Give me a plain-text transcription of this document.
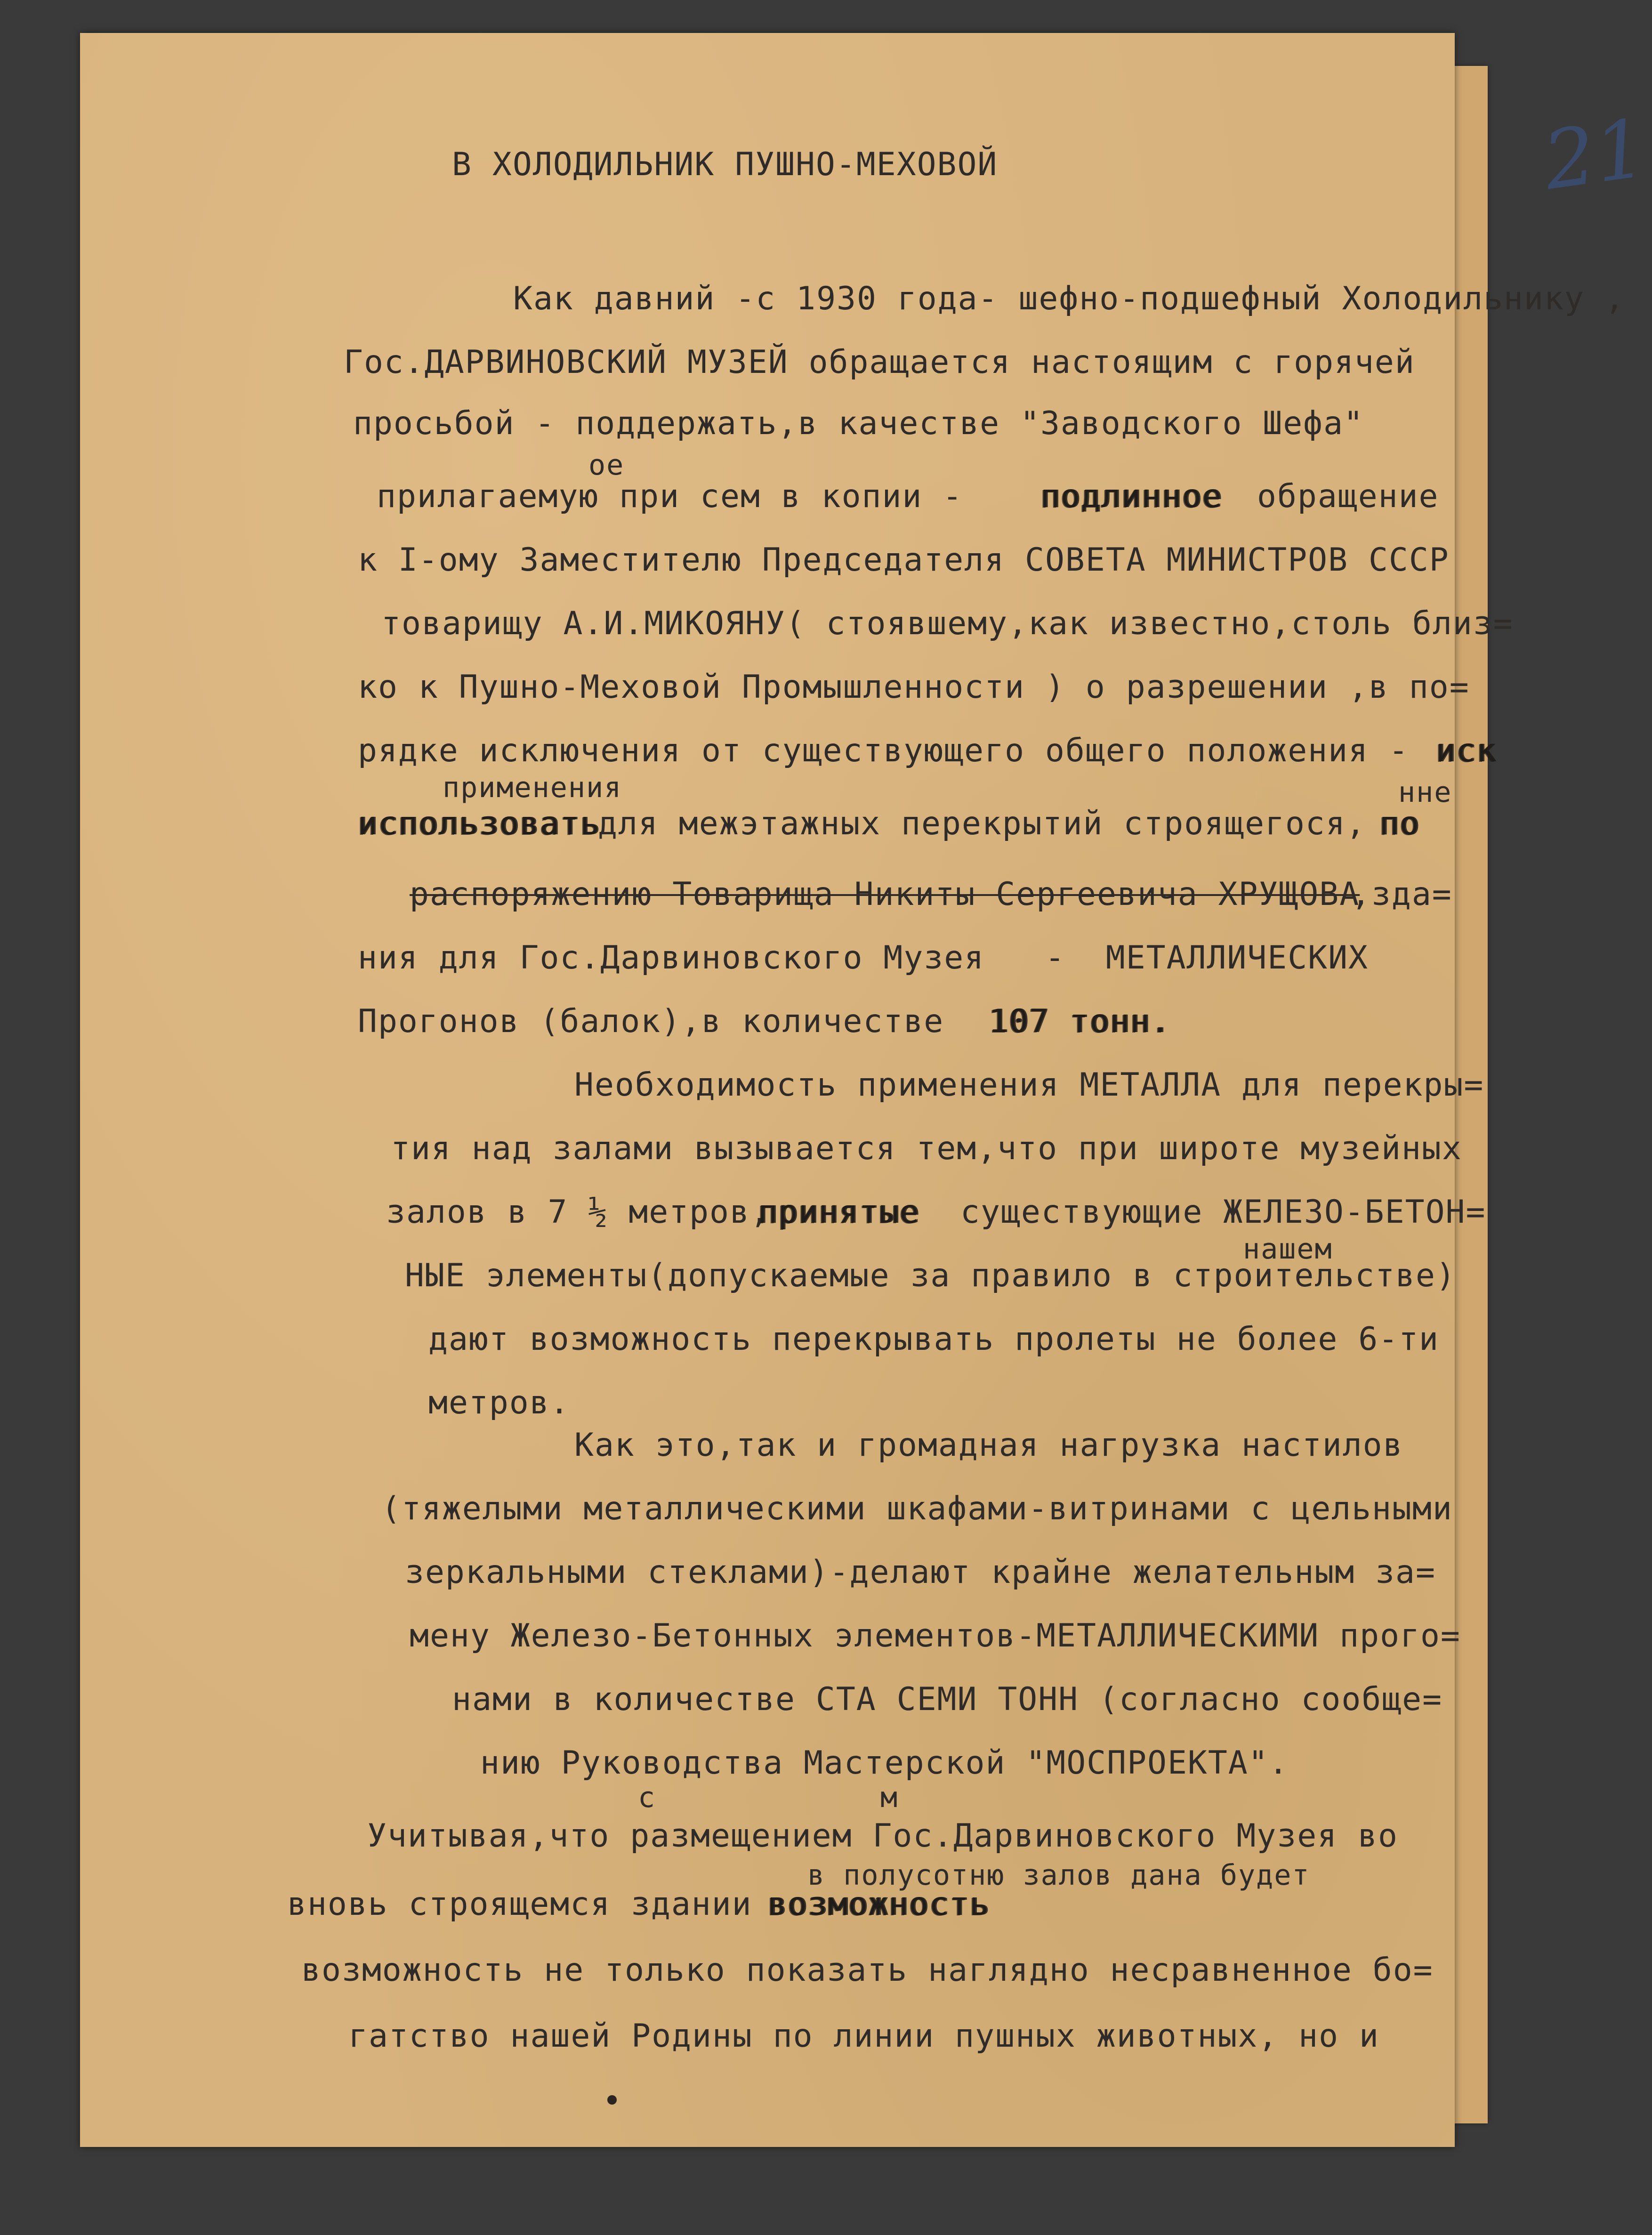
21
В ХОЛОДИЛЬНИК ПУШНО-МЕХОВОЙ
Как давний -с 1930 года- шефно-подшефный Холодильнику ,
Гос.ДАРВИНОВСКИЙ МУЗЕЙ обращается настоящим с горячей
просьбой - поддержать,в качестве "Заводского Шефа"
ое
прилагаемую при сем в копии - подлинное обращение
к I-ому Заместителю Председателя СОВЕТА МИНИСТРОВ СССР
товарищу А.И.МИКОЯНУ( стоявшему,как известно,столь близ=
ко к Пушно-Меховой Промышленности ) о разрешении ,в по=
рядке исключения от существующего общего положения - иск
применения	нне
использовать
для межэтажных перекрытий строящегося, по
распоряжению Товарища Никиты Сергеевича ХРУЩОВА
,зда=
ния для Гос.Дарвиновского Музея   -  МЕТАЛЛИЧЕСКИХ
Прогонов (балок),в количестве 107 тонн.
Необходимость применения МЕТАЛЛА для перекры=
тия над залами вызывается тем,что при широте музейных
залов в 7 ½ метров,
принятые существующие ЖЕЛЕЗО-БЕТОН=
нашем
НЫЕ элементы(допускаемые за правило в строительстве)
дают возможность перекрывать пролеты не более 6-ти
метров.
Как это,так и громадная нагрузка настилов
(тяжелыми металлическими шкафами-витринами с цельными
зеркальными стеклами)-делают крайне желательным за=
мену Железо-Бетонных элементов-МЕТАЛЛИЧЕСКИМИ прого=
нами в количестве СТА СЕМИ ТОНН (согласно сообще=
нию Руководства Мастерской "МОСПРОЕКТА".
с	м
Учитывая,что размещением Гос.Дарвиновского Музея во
в полусотню залов дана будет
вновь строящемся здании возможность
возможность не только показать наглядно несравненное бо=
гатство нашей Родины по линии пушных животных, но и
